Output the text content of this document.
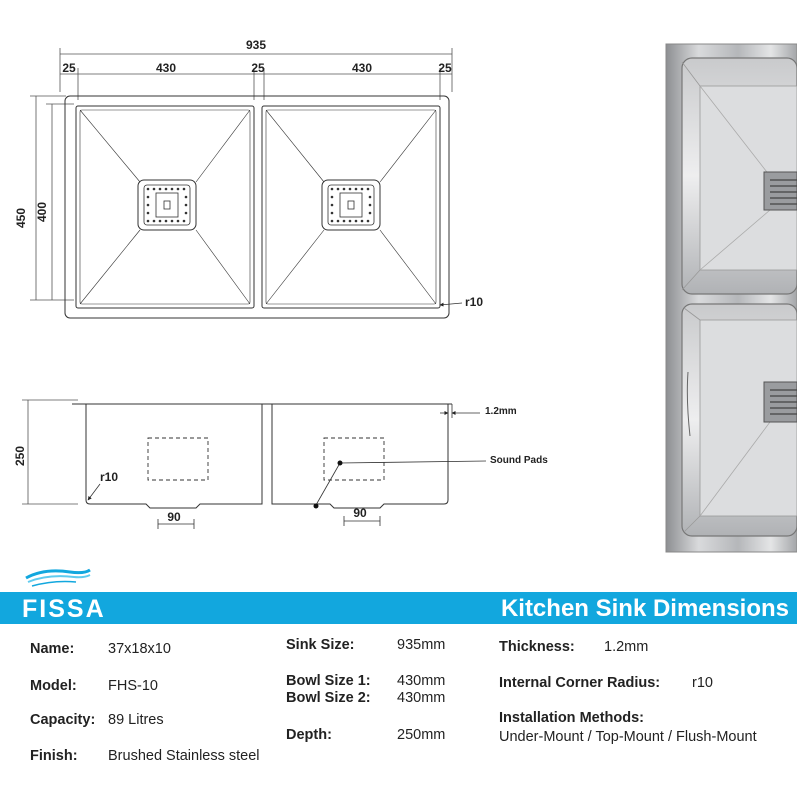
935
25	430	25	430	25
450 400
r10
250
1.2mm
Sound Pads
r10
90	90
FISSA	Kitchen Sink Dimensions
Name: 37x18x10
Model: FHS-10
Capacity: 89 Litres
Finish: Brushed Stainless steel
Sink Size:	935mm
Bowl Size 1: 430mm
Bowl Size 2: 430mm
Depth:	250mm
Thickness: 1.2mm
Internal Corner Radius: r10
Installation Methods:
Under-Mount / Top-Mount / Flush-Mount
